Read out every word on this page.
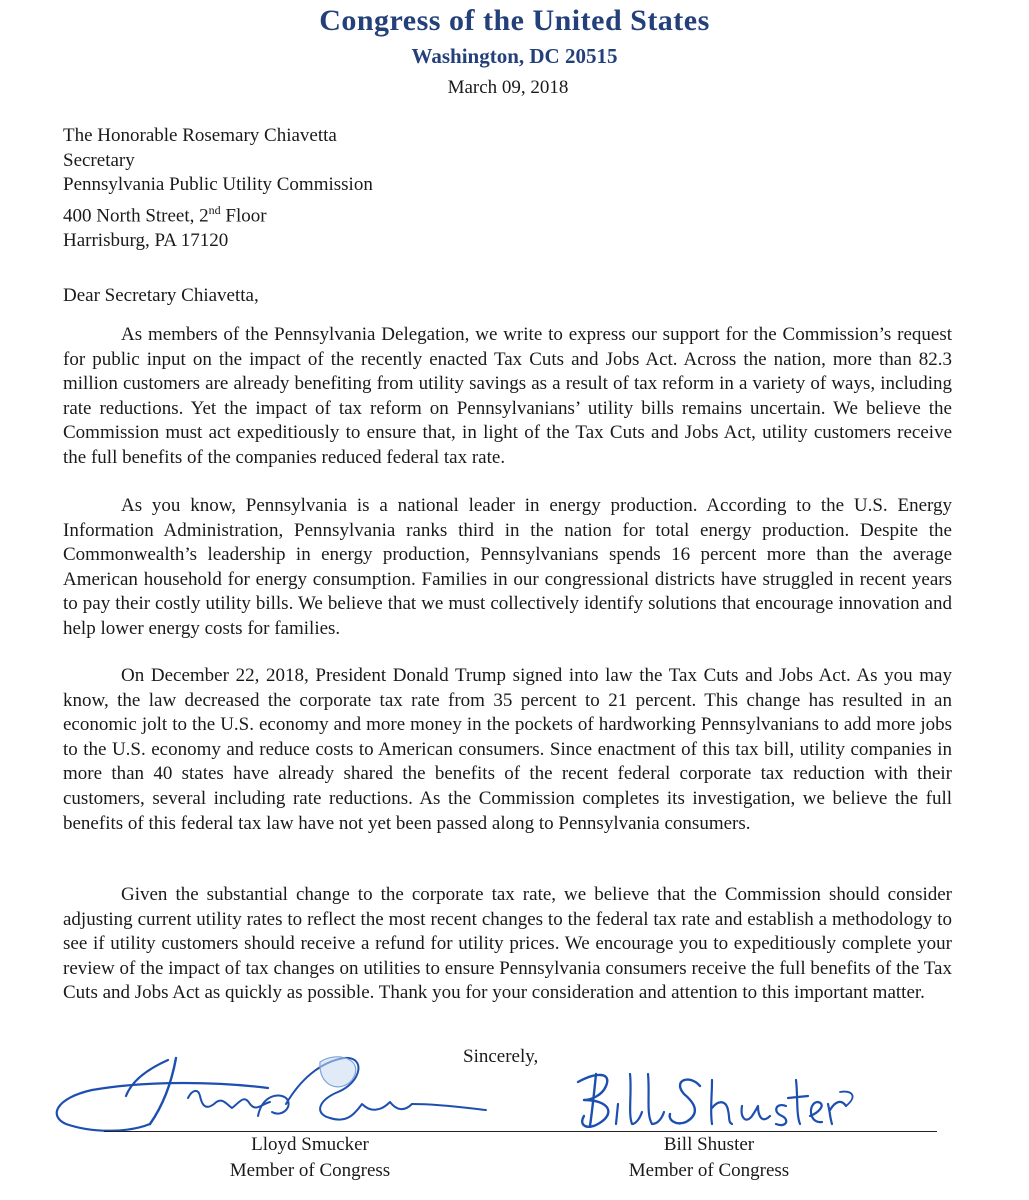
Congress of the United States
Washington, DC 20515
March 09, 2018
The Honorable Rosemary Chiavetta
Secretary
Pennsylvania Public Utility Commission
400 North Street, 2nd Floor
Harrisburg, PA 17120
Dear Secretary Chiavetta,

As members of the Pennsylvania Delegation, we write to express our support for the Commission’s request for public input on the impact of the recently enacted Tax Cuts and Jobs Act. Across the nation, more than 82.3 million customers are already benefiting from utility savings as a result of tax reform in a variety of ways, including rate reductions. Yet the impact of tax reform on Pennsylvanians’ utility bills remains uncertain. We believe the Commission must act expeditiously to ensure that, in light of the Tax Cuts and Jobs Act, utility customers receive the full benefits of the companies reduced federal tax rate.

As you know, Pennsylvania is a national leader in energy production. According to the U.S. Energy Information Administration, Pennsylvania ranks third in the nation for total energy production. Despite the Commonwealth’s leadership in energy production, Pennsylvanians spends 16 percent more than the average American household for energy consumption. Families in our congressional districts have struggled in recent years to pay their costly utility bills. We believe that we must collectively identify solutions that encourage innovation and help lower energy costs for families.

On December 22, 2018, President Donald Trump signed into law the Tax Cuts and Jobs Act. As you may know, the law decreased the corporate tax rate from 35 percent to 21 percent. This change has resulted in an economic jolt to the U.S. economy and more money in the pockets of hardworking Pennsylvanians to add more jobs to the U.S. economy and reduce costs to American consumers. Since enactment of this tax bill, utility companies in more than 40 states have already shared the benefits of the recent federal corporate tax reduction with their customers, several including rate reductions. As the Commission completes its investigation, we believe the full benefits of this federal tax law have not yet been passed along to Pennsylvania consumers.

Given the substantial change to the corporate tax rate, we believe that the Commission should consider adjusting current utility rates to reflect the most recent changes to the federal tax rate and establish a methodology to see if utility customers should receive a refund for utility prices. We encourage you to expeditiously complete your review of the impact of tax changes on utilities to ensure Pennsylvania consumers receive the full benefits of the Tax Cuts and Jobs Act as quickly as possible. Thank you for your consideration and attention to this important matter.

Sincerely,
Lloyd Smucker
Member of Congress
Bill Shuster
Member of Congress
